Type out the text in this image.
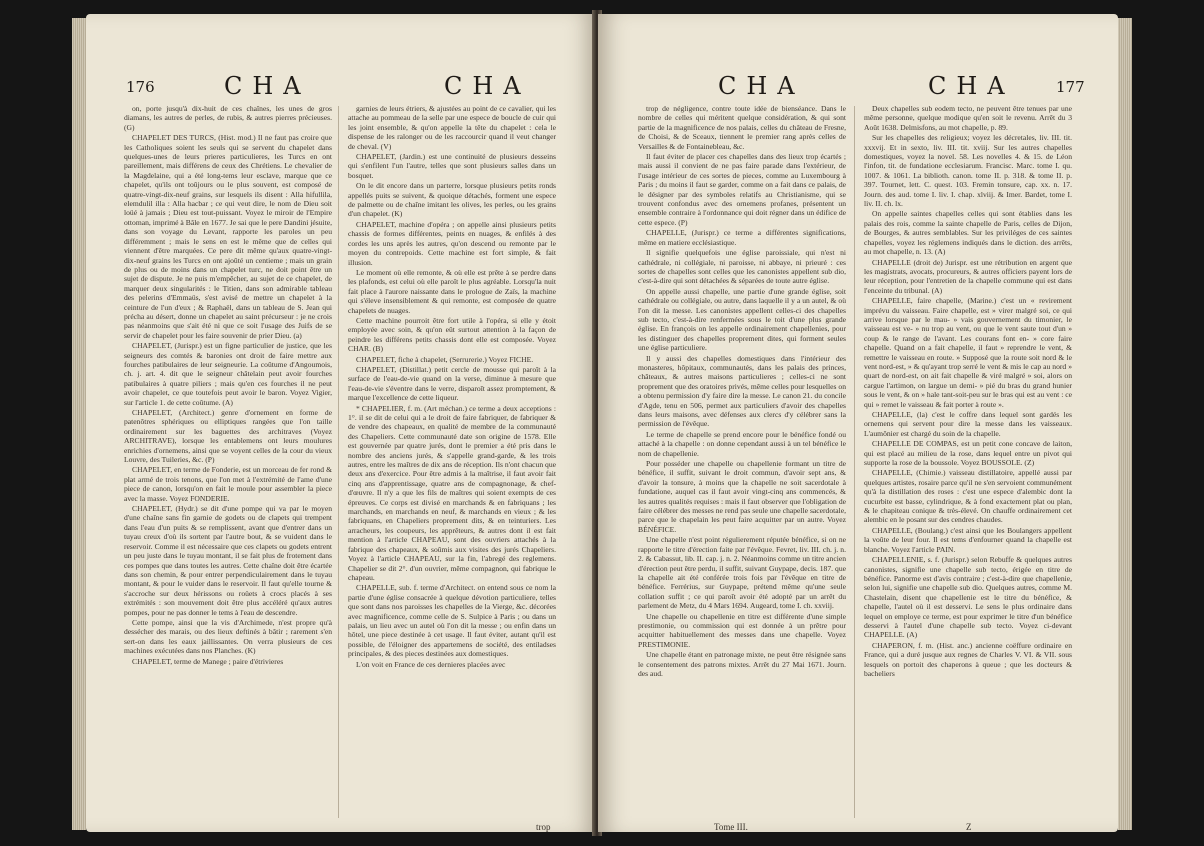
176	CHA	CHA

on, porte jusqu'à dix-huit de ces chaînes, les unes de gros diamans, les autres de perles, de rubis, & autres pierres précieuses. (G)

CHAPELET DES TURCS, (Hist. mod.) Il ne faut pas croire que les Catholiques soient les seuls qui se servent du chapelet dans quelques-unes de leurs prieres particulieres, les Turcs en ont pareillement, mais différens de ceux des Chrétiens. Le chevalier de la Magdelaine, qui a été long-tems leur esclave, marque que ce chapelet, qu'ils ont toûjours ou le plus souvent, est composé de quatre-vingt-dix-neuf grains, sur lesquels ils disent : Alla hifullila, elemdulil illa : Alla hacbar ; ce qui veut dire, le nom de Dieu soit loüé à jamais ; Dieu est tout-puissant. Voyez le miroir de l'Empire ottoman, imprimé à Bâle en 1677. Je sai que le pere Dandini jésuite, dans son voyage du Levant, rapporte les paroles un peu différemment ; mais le sens en est le même que de celles qui viennent d'être marquées. Ce pere dit même qu'aux quatre-vingt-dix-neuf grains les Turcs en ont ajoûté un centieme ; mais un grain de plus ou de moins dans un chapelet turc, ne doit point être un sujet de dispute. Je ne puis m'empêcher, au sujet de ce chapelet, de marquer deux singularités : le Titien, dans son admirable tableau des pelerins d'Emmaüs, s'est avisé de mettre un chapelet à la ceinture de l'un d'eux ; & Raphaël, dans un tableau de S. Jean qui précha au désert, donne un chapelet au saint précurseur : je ne crois pas néanmoins que s'ait été ni que ce soit l'usage des Juifs de se servir de chapelet pour les faire souvenir de prier Dieu. (a)

CHAPELET, (Jurispr.) est un figne particulier de justice, que les seigneurs des comtés & baronies ont droit de faire mettre aux fourches patibulaires de leur seigneurie. La coûtume d'Angoumois, ch. j. art. 4. dit que le seigneur châtelain peut avoir fourches patibulaires à quatre piliers ; mais qu'en ces fourches il ne peut avoir chapelet, ce que toutefois peut avoir le baron. Voyez Vigier, sur l'article 1. de cette coûtume. (A)

CHAPELET, (Architect.) genre d'ornement en forme de patenôtres sphériques ou elliptiques rangées que l'on taille ordinairement sur les baguettes des architraves (Voyez ARCHITRAVE), lorsque les entablemens ont leurs moulures enrichies d'ornemens, ainsi que se voyent celles de la cour du vieux Louvre, des Tuileries, &c. (P)

CHAPELET, en terme de Fonderie, est un morceau de fer rond & plat armé de trois tenons, que l'on met à l'extrémité de l'ame d'une piece de canon, lorsqu'on en fait le moule pour assembler la piece avec la masse. Voyez FONDERIE.

CHAPELET, (Hydr.) se dit d'une pompe qui va par le moyen d'une chaîne sans fin garnie de godets ou de clapets qui trempent dans l'eau d'un puits & se remplissent, avant que d'entrer dans un tuyau creux d'où ils sortent par l'autre bout, & se vuident dans le reservoir. Comme il est nécessaire que ces clapets ou godets entrent un peu juste dans le tuyau montant, il se fait plus de frotement dans ces pompes que dans toutes les autres. Cette chaîne doit être écartée dans son chemin, & pour entrer perpendiculairement dans le tuyau montant, & pour le vuider dans le reservoir. Il faut qu'elle tourne & s'accroche sur deux hérissons ou roüets à crocs placés à ses extrémités : son mouvement doit être plus accéléré qu'aux autres pompes, pour ne pas donner le tems à l'eau de descendre.

Cette pompe, ainsi que la vis d'Archimede, n'est propre qu'à dessécher des marais, ou des lieux deftinés à bâtir ; rarement s'en sert-on dans les eaux jaillissantes. On verra plusieurs de ces machines exécutées dans nos Planches. (K)

CHAPELET, terme de Manege ; paire d'étrivieres

garnies de leurs étriers, & ajustées au point de ce cavalier, qui les attache au pommeau de la selle par une espece de boucle de cuir qui les joint ensemble, & qu'on appelle la tête du chapelet : cela le dispense de les ralonger ou de les raccourcir quand il veut changer de cheval. (V)

CHAPELET, (Jardin.) est une continuité de plusieurs desseins qui s'enfilent l'un l'autre, telles que sont plusieurs salles dans un bosquet.

On le dit encore dans un parterre, lorsque plusieurs petits ronds appellés puits se suivent, & quoique détachés, forment une espece de palmette ou de chaîne imitant les olives, les perles, ou les grains d'un chapelet. (K)

CHAPELET, machine d'opéra ; on appelle ainsi plusieurs petits chassis de formes différentes, peints en nuages, & enfilés à des cordes les uns après les autres, qu'on descend ou remonte par le moyen du contrepoids. Cette machine est fort simple, & fait illusion.

Le moment où elle remonte, & où elle est prête à se perdre dans les plafonds, est celui où elle paroît le plus agréable. Lorsqu'la nuit fait place à l'aurore naissante dans le prologue de Zaïs, la machine qui s'éleve insensiblement & qui remonte, est composée de quatre chapelets de nuages.

Cette machine pourroit être fort utile à l'opéra, si elle y étoit employée avec soin, & qu'on eût surtout attention à la façon de peindre les différens petits chassis dont elle est composée. Voyez CHAR. (B)

CHAPELET, fiche à chapelet, (Serrurerie.) Voyez FICHE.

CHAPELET, (Distillat.) petit cercle de mousse qui paroît à la surface de l'eau-de-vie quand on la verse, diminue à mesure que l'eau-de-vie s'éventre dans le verre, disparoît assez promptement, & marque l'excellence de cette liqueur.

* CHAPELIER, f. m. (Art méchan.) ce terme a deux acceptions : 1°. il se dit de celui qui a le droit de faire fabriquer, de fabriquer & de vendre des chapeaux, en qualité de membre de la communauté des Chapeliers. Cette communauté date son origine de 1578. Elle est gouvernée par quatre jurés, dont le premier a été pris dans le nombre des anciens jurés, & s'appelle grand-garde, & les trois autres, entre les maîtres de dix ans de réception. Ils n'ont chacun que deux ans d'exercice. Pour être admis à la maîtrise, il faut avoir fait cinq ans d'apprentissage, quatre ans de compagnonage, & chef-d'œuvre. Il n'y a que les fils de maîtres qui soient exempts de ces épreuves. Ce corps est divisé en marchands & en fabriquans ; les marchands, en marchands en neuf, & marchands en vieux ; & les fabriquans, en Chapeliers proprement dits, & en teinturiers. Les arracheurs, les coupeurs, les apprêteurs, & autres dont il est fait mention à l'article CHAPEAU, sont des ouvriers attachés à la fabrique des chapeaux, & soûmis aux visites des jurés Chapeliers. Voyez à l'article CHAPEAU, sur la fin, l'abregé des reglemens. Chapelier se dit 2°. d'un ouvrier, même compagnon, qui fabrique le chapeau.

CHAPELLE, sub. f. terme d'Architect. on entend sous ce nom la partie d'une église consacrée à quelque dévotion particuliere, telles que sont dans nos paroisses les chapelles de la Vierge, &c. décorées avec magnificence, comme celle de S. Sulpice à Paris ; ou dans un palais, un lieu avec un autel où l'on dit la messe ; ou enfin dans un hôtel, une piece destinée à cet usage. Il faut éviter, autant qu'il est possible, de l'éloigner des appartemens de société, des entiladses principales, & des pieces destinées aux domestiques.

L'on voit en France de ces dernieres placées avec

trop
CHA	CHA	177

trop de négligence, contre toute idée de bienséance. Dans le nombre de celles qui méritent quelque considération, & qui sont partie de la magnificence de nos palais, celles du château de Fresne, de Choisi, & de Sceaux, tiennent le premier rang après celles de Versailles & de Fontainebleau, &c.

Il faut éviter de placer ces chapelles dans des lieux trop écartés ; mais aussi il convient de ne pas faire parade dans l'extérieur, de l'usage intérieur de ces sortes de pieces, comme au Luxembourg à Paris ; du moins il faut se garder, comme on a fait dans ce palais, de le désigner par des symboles relatifs au Christianisme, qui se trouvent confondus avec des ornemens profanes, présentent un ensemble contraire à l'ordonnance qui doit régner dans un édifice de cette espece. (P)

CHAPELLE, (Jurispr.) ce terme a différentes significations, même en matiere ecclésiastique.

Il signifie quelquefois une église paroissiale, qui n'est ni cathédrale, ni collégiale, ni paroisse, ni abbaye, ni prieuré : ces sortes de chapelles sont celles que les canonistes appellent sub dio, c'est-à-dire qui sont détachées & séparées de toute autre église.

On appelle aussi chapelle, une partie d'une grande église, soit cathédrale ou collégiale, ou autre, dans laquelle il y a un autel, & où l'on dit la messe. Les canonistes appellent celles-ci des chapelles sub tecto, c'est-à-dire renfermées sous le toit d'une plus grande église. En françois on les appelle ordinairement chapellenies, pour les distinguer des chapelles proprement dites, qui forment seules une église particuliere.

Il y aussi des chapelles domestiques dans l'intérieur des monasteres, hôpitaux, communautés, dans les palais des princes, châteaux, & autres maisons particulieres ; celles-ci ne sont proprement que des oratoires privés, même celles pour lesquelles on a obtenu permission d'y faire dire la messe. Le canon 21. du concile d'Agde, tenu en 506, permet aux particuliers d'avoir des chapelles dans leurs maisons, avec défenses aux clercs d'y célébrer sans la permission de l'évêque.

Le terme de chapelle se prend encore pour le bénéfice fondé ou attaché à la chapelle : on donne cependant aussi à un tel bénéfice le nom de chapellenie.

Pour posséder une chapelle ou chapellenie formant un titre de bénéfice, il suffit, suivant le droit commun, d'avoir sept ans, & d'avoir la tonsure, à moins que la chapelle ne soit sacerdotale à fundatione, auquel cas il faut avoir vingt-cinq ans commencés, & les autres qualités requises : mais il faut observer que l'obligation de faire célébrer des messes ne rend pas seule une chapelle sacerdotale, parce que le chapelain les peut faire acquitter par un autre. Voyez BÉNÉFICE.

Une chapelle n'est point régulierement réputée bénéfice, si on ne rapporte le titre d'érection faite par l'évêque. Fevret, liv. III. ch. j. n. 2. & Cabassut, lib. II. cap. j. n. 2. Néanmoins comme un titre ancien d'érection peut être perdu, il suffit, suivant Guypape, decis. 187. que la chapelle ait été conférée trois fois par l'évêque en titre de bénéfice. Ferrérius, sur Guypape, prétend même qu'une seule collation suffit ; ce qui paroît avoir été adopté par un arrêt du parlement de Metz, du 4 Mars 1694. Augeard, tome I. ch. xxviij.

Une chapelle ou chapellenie en titre est différente d'une simple prestimonie, ou commission qui est donnée à un prêtre pour acquitter habituellement des messes dans une chapelle. Voyez PRESTIMONIE.

Une chapelle étant en patronage mixte, ne peut être résignée sans le consentement des patrons mixtes. Arrêt du 27 Mai 1671. Journ. des aud.

Deux chapelles sub eodem tecto, ne peuvent être tenues par une même personne, quelque modique qu'en soit le revenu. Arrêt du 3 Août 1638. Delmisfons, au mot chapelle, p. 89.

Sur les chapelles des religieux; voyez les décretales, liv. III. tit. xxxvij. Et in sexto, liv. III. tit. xviij. Sur les autres chapelles domestiques, voyez la novel. 58. Les novelles 4. & 15. de Léon l'infon, tit. de fundatione ecclesiarum. Francisc. Marc. tome I. qu. 1007. & 1061. La biblioth. canon. tome II. p. 318. & tome II. p. 397. Tournet, lett. C. quest. 103. Fremin tonsure, cap. xx. n. 17. Journ. des aud. tome I. liv. I. chap. xlviij. & Imer. Bardet, tome I. liv. II. ch. lx.

On appelle saintes chapelles celles qui sont établies dans les palais des rois, comme la sainte chapelle de Paris, celles de Dijon, de Bourges, & autres semblables. Sur les priviléges de ces saintes chapelles, voyez les réglemens indiqués dans le diction. des arrêts, au mot chapelle, n. 13. (A)

CHAPELLE (droit de) Jurispr. est une rétribution en argent que les magistrats, avocats, procureurs, & autres officiers payent lors de leur réception, pour l'entretien de la chapelle commune qui est dans l'enceinte du tribunal. (A)

CHAPELLE, faire chapelle, (Marine.) c'est un « revirement imprévu du vaisseau. Faire chapelle, est » virer malgré soi, ce qui arrive lorsque par le mau- » vais gouvernement du timonier, le vaisseau est ve- » nu trop au vent, ou que le vent saute tout d'un » coup & le range de l'avant. Les courans font en- » core faire chapelle. Quand on a fait chapelle, il faut » reprendre le vent, & remettre le vaisseau en route. » Supposé que la route soit nord & le vent nord-est, » & qu'ayant trop serré le vent & mis le cap au nord » quart de nord-est, on ait fait chapelle & viré malgré » soi, alors on cargue l'artimon, on largue un demi- » pié du bras du grand hunier sous le vent, & on » hale tant-soit-peu sur le bras qui est au vent : ce qui » remet le vaisseau & fait porter à route ».

CHAPELLE, (la) c'est le coffre dans lequel sont gardés les ornemens qui servent pour dire la messe dans les vaisseaux. L'aumônier est chargé du soin de la chapelle.

CHAPELLE DE COMPAS, est un petit cone concave de laiton, qui est placé au milieu de la rose, dans lequel entre un pivot qui supporte la rose de la boussole. Voyez BOUSSOLE. (Z)

CHAPELLE, (Chimie.) vaisseau distillatoire, appellé aussi par quelques artistes, rosaire parce qu'il ne s'en servoient communément qu'à la distillation des roses : c'est une espece d'alembic dont la cucurbite est basse, cylindrique, & à fond exactement plat ou plan, & le chapiteau conique & très-élevé. On chauffe ordinairement cet alembic en le posant sur des cendres chaudes.

CHAPELLE, (Boulang.) c'est ainsi que les Boulangers appellent la voûte de leur four. Il est tems d'enfourner quand la chapelle est blanche. Voyez l'article PAIN.

CHAPELLENIE, s. f. (Jurispr.) selon Rebuffe & quelques autres canonistes, signifie une chapelle sub tecto, érigée en titre de bénéfice. Panorme est d'avis contraire ; c'est-à-dire que chapellenie, selon lui, signifie une chapelle sub dio. Quelques autres, comme M. Chastelain, disent que chapellenie est le titre du bénéfice, & chapelle, l'autel où il est desservi. Le sens le plus ordinaire dans lequel on employe ce terme, est pour exprimer le titre d'un bénéfice desservi à l'autel d'une chapelle sub tecto. Voyez ci-devant CHAPELLE. (A)

CHAPERON, f. m. (Hist. anc.) ancienne coëffure ordinaire en France, qui a duré jusque aux regnes de Charles V. VI. & VII. sous lesquels on portoit des chaperons à queue ; que les docteurs & bacheliers

Tome III.	Z
